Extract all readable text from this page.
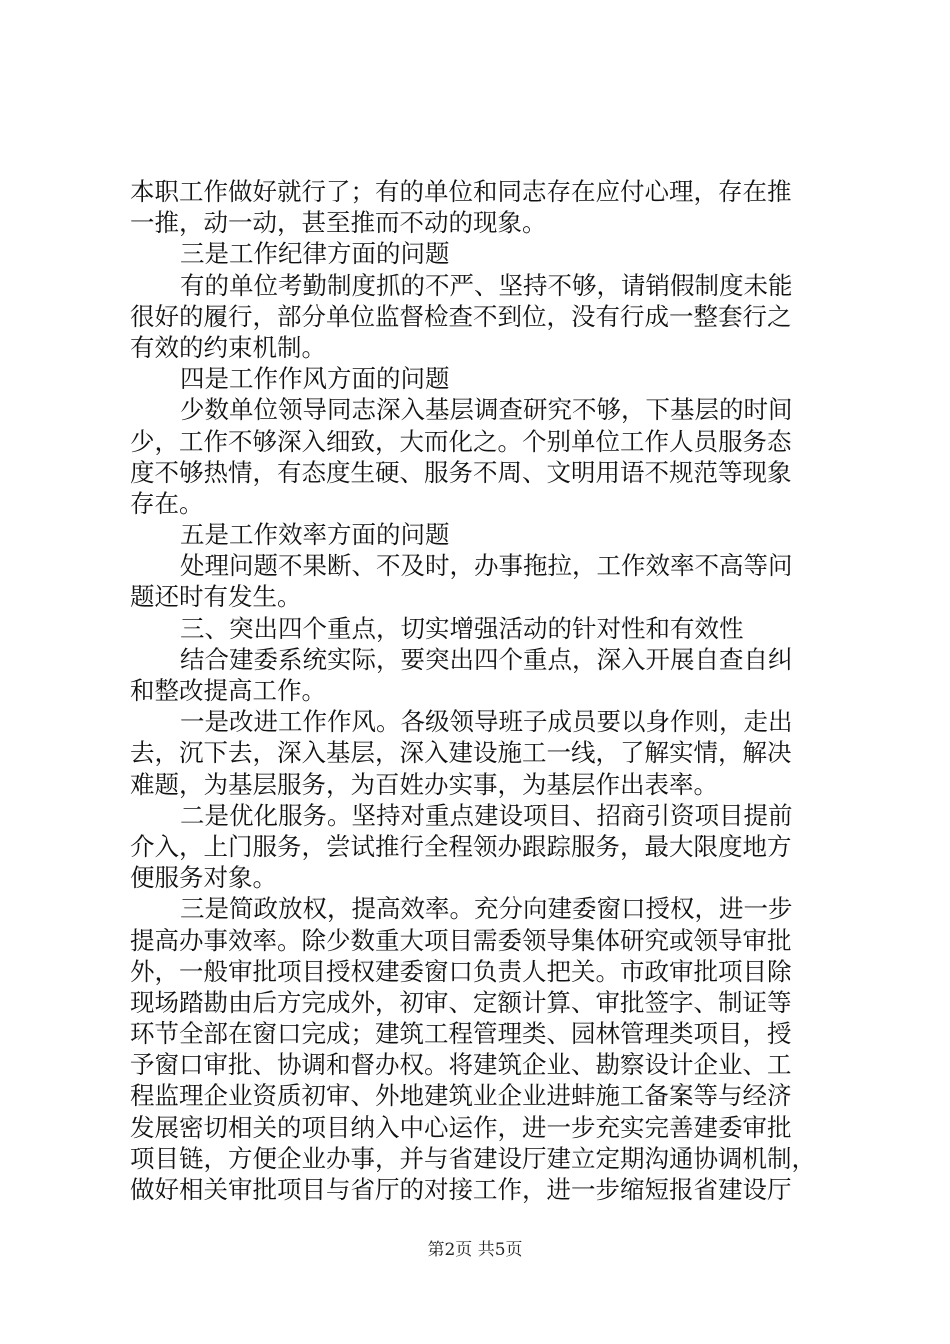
本职工作做好就行了；有的单位和同志存在应付心理，存在推
一推，动一动，甚至推而不动的现象。
三是工作纪律方面的问题
有的单位考勤制度抓的不严、坚持不够，请销假制度未能
很好的履行，部分单位监督检查不到位，没有行成一整套行之
有效的约束机制。
四是工作作风方面的问题
少数单位领导同志深入基层调查研究不够，下基层的时间
少，工作不够深入细致，大而化之。个别单位工作人员服务态
度不够热情，有态度生硬、服务不周、文明用语不规范等现象
存在。
五是工作效率方面的问题
处理问题不果断、不及时，办事拖拉，工作效率不高等问
题还时有发生。
三、突出四个重点，切实增强活动的针对性和有效性
结合建委系统实际，要突出四个重点，深入开展自查自纠
和整改提高工作。
一是改进工作作风。各级领导班子成员要以身作则，走出
去，沉下去，深入基层，深入建设施工一线，了解实情，解决
难题，为基层服务，为百姓办实事，为基层作出表率。
二是优化服务。坚持对重点建设项目、招商引资项目提前
介入，上门服务，尝试推行全程领办跟踪服务，最大限度地方
便服务对象。
三是简政放权，提高效率。充分向建委窗口授权，进一步
提高办事效率。除少数重大项目需委领导集体研究或领导审批
外，一般审批项目授权建委窗口负责人把关。市政审批项目除
现场踏勘由后方完成外，初审、定额计算、审批签字、制证等
环节全部在窗口完成；建筑工程管理类、园林管理类项目，授
予窗口审批、协调和督办权。将建筑企业、勘察设计企业、工
程监理企业资质初审、外地建筑业企业进蚌施工备案等与经济
发展密切相关的项目纳入中心运作，进一步充实完善建委审批
项目链，方便企业办事，并与省建设厅建立定期沟通协调机制，
做好相关审批项目与省厅的对接工作，进一步缩短报省建设厅
第2页 共5页
